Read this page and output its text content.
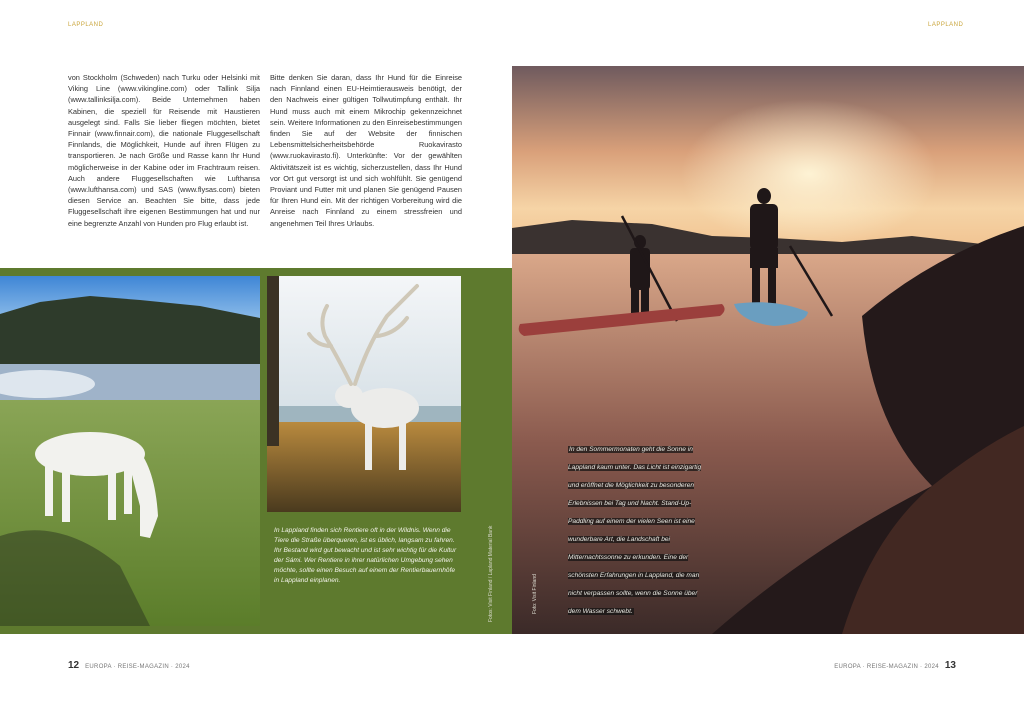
LAPPLAND	LAPPLAND
von Stockholm (Schweden) nach Turku oder Helsinki mit Viking Line (www.vikingline.com) oder Tallink Silja (www.tallinksilja.com). Beide Unternehmen haben Kabinen, die speziell für Reisende mit Haustieren ausgelegt sind. Falls Sie lieber fliegen möchten, bietet Finnair (www.finnair.com), die nationale Fluggesellschaft Finnlands, die Möglichkeit, Hunde auf ihren Flügen zu transportieren. Je nach Größe und Rasse kann Ihr Hund möglicherweise in der Kabine oder im Frachtraum reisen. Auch andere Fluggesellschaften wie Lufthansa (www.lufthansa.com) und SAS (www.flysas.com) bieten diesen Service an. Beachten Sie bitte, dass jede Fluggesellschaft ihre eigenen Bestimmungen hat und nur eine begrenzte Anzahl von Hunden pro Flug erlaubt ist.
Bitte denken Sie daran, dass Ihr Hund für die Einreise nach Finnland einen EU-Heimtierausweis benötigt, der den Nachweis einer gültigen Tollwutimpfung enthält. Ihr Hund muss auch mit einem Mikrochip gekennzeichnet sein. Weitere Informationen zu den Einreisebestimmungen finden Sie auf der Website der finnischen Lebensmittelsicherheitsbehörde Ruokavirasto (www.ruokavirasto.fi). Unterkünfte: Vor der gewählten Aktivitätszeit ist es wichtig, sicherzustellen, dass Ihr Hund vor Ort gut versorgt ist und sich wohlfühlt. Sie genügend Proviant und Futter mit und planen Sie genügend Pausen für Ihren Hund ein. Mit der richtigen Vorbereitung wird die Anreise nach Finnland zu einem stressfreien und angenehmen Teil Ihres Urlaubs.
In Lappland finden sich Rentiere oft in der Wildnis. Wenn die Tiere die Straße überqueren, ist es üblich, langsam zu fahren. Ihr Bestand wird gut bewacht und ist sehr wichtig für die Kultur der Sámi. Wer Rentiere in ihrer natürlichen Umgebung sehen möchte, sollte einen Besuch auf einem der Rentierbauernhöfe in Lappland einplanen.	Fotos: Visit Finland / Lapland Material Bank
In den Sommermonaten geht die Sonne in Lappland kaum unter. Das Licht ist einzigartig und eröffnet die Möglichkeit zu besonderen Erlebnissen bei Tag und Nacht. Stand-Up-Paddling auf einem der vielen Seen ist eine wunderbare Art, die Landschaft bei Mitternachtssonne zu erkunden. Eine der schönsten Erfahrungen in Lappland, die man nicht verpassen sollte, wenn die Sonne über dem Wasser schwebt.
Foto: Visit Finland
12 EUROPA · REISE-MAGAZIN · 2024	EUROPA · REISE-MAGAZIN · 2024 13
